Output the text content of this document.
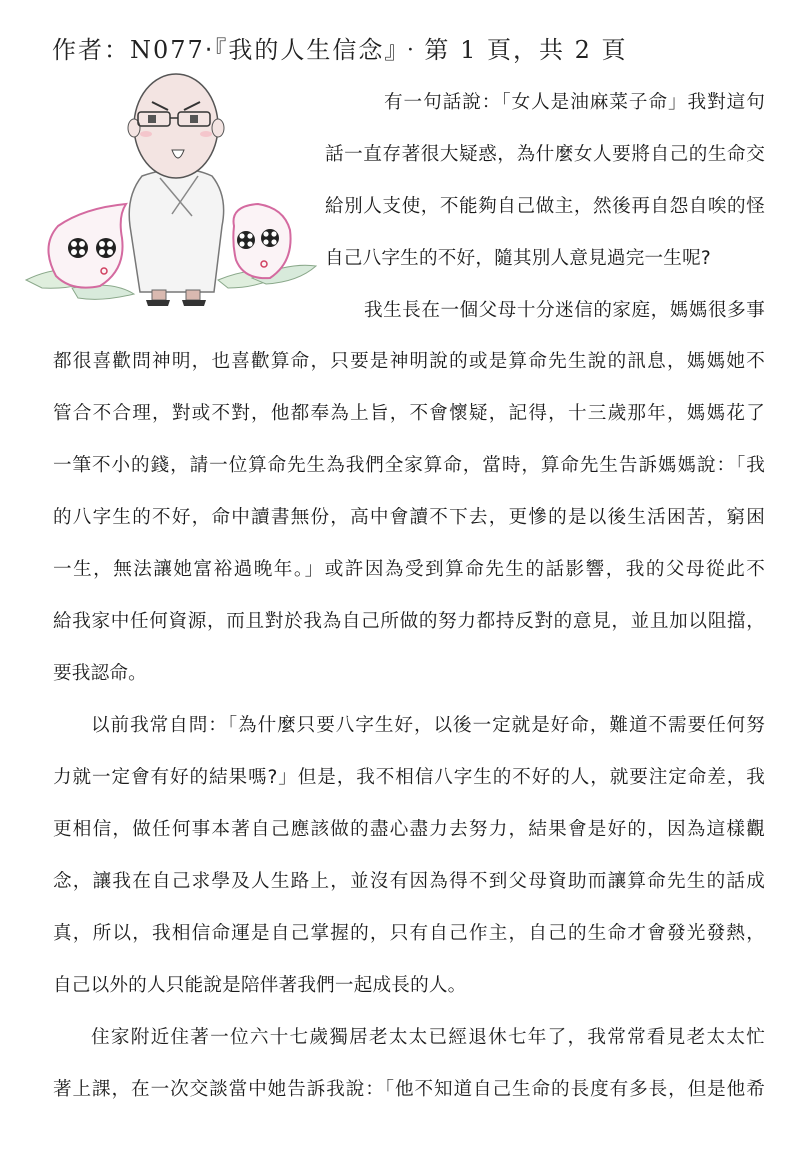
作者：N077‧『我的人生信念』‧第 1 頁，共 2 頁
有一句話說：「女人是油麻菜子命」我對這句
話一直存著很大疑惑，為什麼女人要將自己的生命交
給別人支使，不能夠自己做主，然後再自怨自唉的怪
自己八字生的不好，隨其別人意見過完一生呢?
我生長在一個父母十分迷信的家庭，媽媽很多事
都很喜歡問神明，也喜歡算命，只要是神明說的或是算命先生說的訊息，媽媽她不
管合不合理，對或不對，他都奉為上旨，不會懷疑，記得，十三歲那年，媽媽花了
一筆不小的錢，請一位算命先生為我們全家算命，當時，算命先生告訴媽媽說：「我
的八字生的不好，命中讀書無份，高中會讀不下去，更慘的是以後生活困苦，窮困
一生，無法讓她富裕過晚年。」或許因為受到算命先生的話影響，我的父母從此不
給我家中任何資源，而且對於我為自己所做的努力都持反對的意見，並且加以阻擋，
要我認命。
以前我常自問：「為什麼只要八字生好，以後一定就是好命，難道不需要任何努
力就一定會有好的結果嗎?」但是，我不相信八字生的不好的人，就要注定命差，我
更相信，做任何事本著自己應該做的盡心盡力去努力，結果會是好的，因為這樣觀
念，讓我在自己求學及人生路上，並沒有因為得不到父母資助而讓算命先生的話成
真，所以，我相信命運是自己掌握的，只有自己作主，自己的生命才會發光發熱，
自己以外的人只能說是陪伴著我們一起成長的人。
住家附近住著一位六十七歲獨居老太太已經退休七年了，我常常看見老太太忙
著上課，在一次交談當中她告訴我說：「他不知道自己生命的長度有多長，但是他希
